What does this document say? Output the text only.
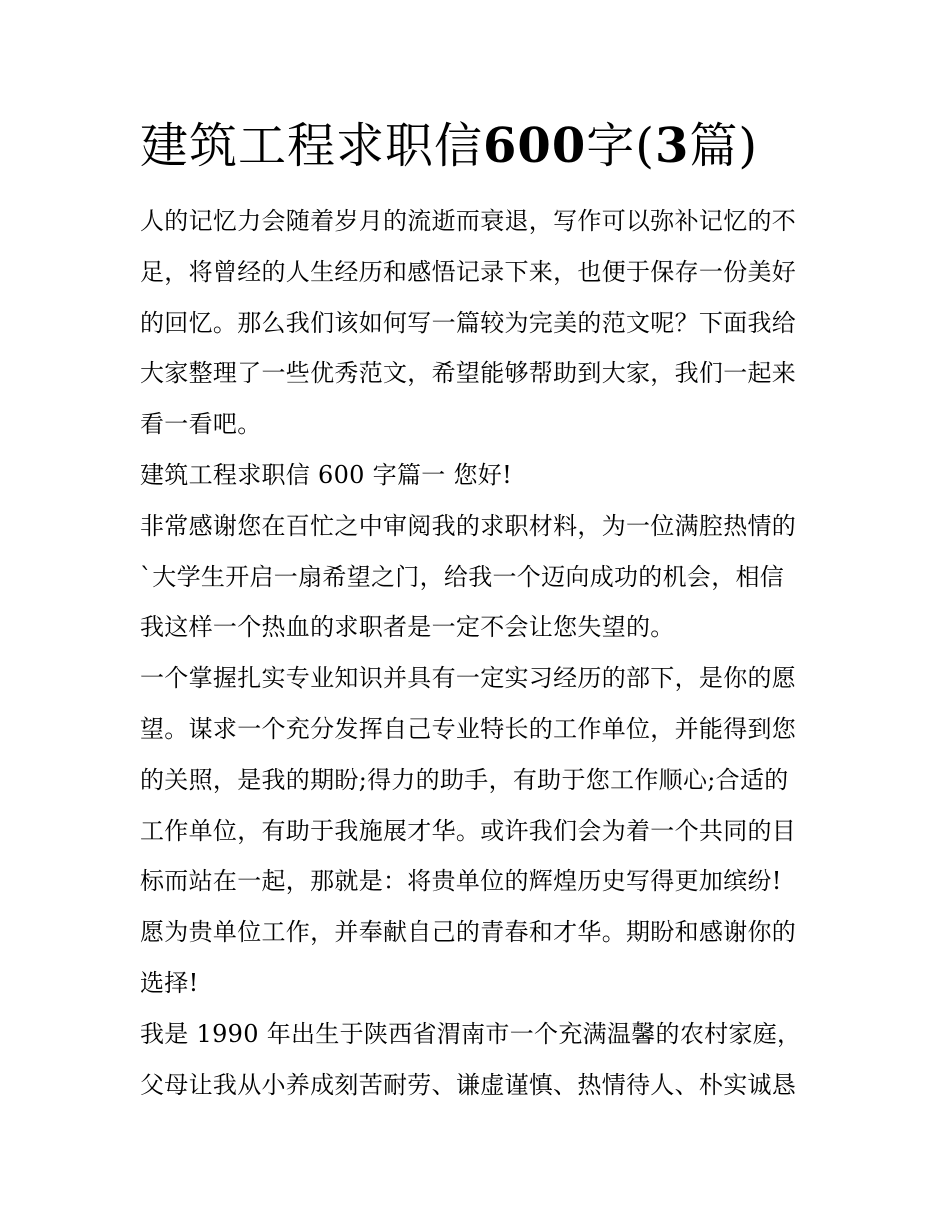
建筑工程求职信600字(3篇)
人的记忆力会随着岁月的流逝而衰退，写作可以弥补记忆的不
足，将曾经的人生经历和感悟记录下来，也便于保存一份美好
的回忆。那么我们该如何写一篇较为完美的范文呢？下面我给
大家整理了一些优秀范文，希望能够帮助到大家，我们一起来
看一看吧。
建筑工程求职信 600 字篇一 您好!
非常感谢您在百忙之中审阅我的求职材料，为一位满腔热情的
`大学生开启一扇希望之门，给我一个迈向成功的机会，相信
我这样一个热血的求职者是一定不会让您失望的。
一个掌握扎实专业知识并具有一定实习经历的部下，是你的愿
望。谋求一个充分发挥自己专业特长的工作单位，并能得到您
的关照，是我的期盼;得力的助手，有助于您工作顺心;合适的
工作单位，有助于我施展才华。或许我们会为着一个共同的目
标而站在一起，那就是：将贵单位的辉煌历史写得更加缤纷!
愿为贵单位工作，并奉献自己的青春和才华。期盼和感谢你的
选择!
我是 1990 年出生于陕西省渭南市一个充满温馨的农村家庭，
父母让我从小养成刻苦耐劳、谦虚谨慎、热情待人、朴实诚恳
